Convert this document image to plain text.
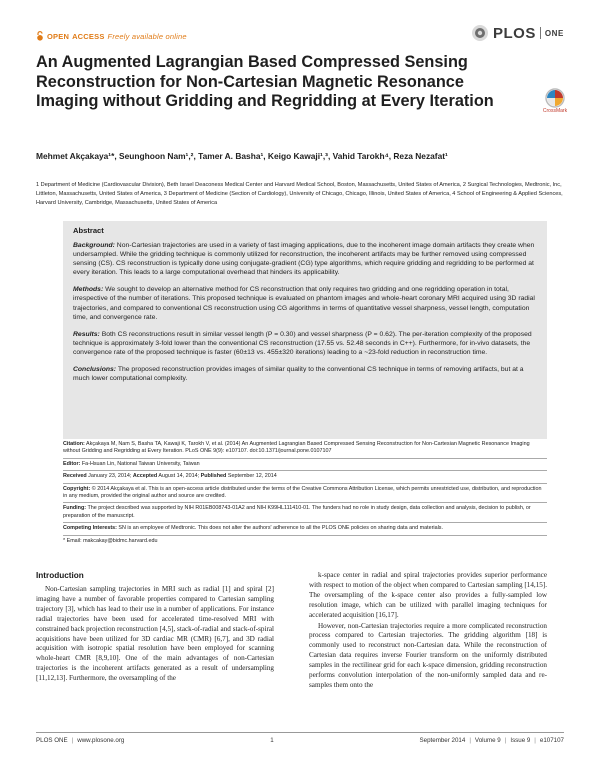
OPEN ACCESS Freely available online	PLOS ONE
An Augmented Lagrangian Based Compressed Sensing Reconstruction for Non-Cartesian Magnetic Resonance Imaging without Gridding and Regridding at Every Iteration
CrossMark
Mehmet Akçakaya¹*, Seunghoon Nam¹,², Tamer A. Basha¹, Keigo Kawaji¹,³, Vahid Tarokh⁴, Reza Nezafat¹
1 Department of Medicine (Cardiovascular Division), Beth Israel Deaconess Medical Center and Harvard Medical School, Boston, Massachusetts, United States of America, 2 Surgical Technologies, Medtronic, Inc, Littleton, Massachusetts, United States of America, 3 Department of Medicine (Section of Cardiology), University of Chicago, Chicago, Illinois, United States of America, 4 School of Engineering & Applied Sciences, Harvard University, Cambridge, Massachusetts, United States of America
Abstract

Background: Non-Cartesian trajectories are used in a variety of fast imaging applications, due to the incoherent image domain artifacts they create when undersampled. While the gridding technique is commonly utilized for reconstruction, the incoherent artifacts may be further removed using compressed sensing (CS). CS reconstruction is typically done using conjugate-gradient (CG) type algorithms, which require gridding and regridding to be performed at every iteration. This leads to a large computational overhead that hinders its applicability.

Methods: We sought to develop an alternative method for CS reconstruction that only requires two gridding and one regridding operation in total, irrespective of the number of iterations. This proposed technique is evaluated on phantom images and whole-heart coronary MRI acquired using 3D radial trajectories, and compared to conventional CS reconstruction using CG algorithms in terms of quantitative vessel sharpness, vessel length, computation time, and convergence rate.

Results: Both CS reconstructions result in similar vessel length (P = 0.30) and vessel sharpness (P = 0.62). The per-iteration complexity of the proposed technique is approximately 3-fold lower than the conventional CS reconstruction (17.55 vs. 52.48 seconds in C++). Furthermore, for in-vivo datasets, the convergence rate of the proposed technique is faster (60±13 vs. 455±320 iterations) leading to a ~23-fold reduction in reconstruction time.

Conclusions: The proposed reconstruction provides images of similar quality to the conventional CS technique in terms of removing artifacts, but at a much lower computational complexity.

Citation: Akçakaya M, Nam S, Basha TA, Kawaji K, Tarokh V, et al. (2014) An Augmented Lagrangian Based Compressed Sensing Reconstruction for Non-Cartesian Magnetic Resonance Imaging without Gridding and Regridding at Every Iteration. PLoS ONE 9(9): e107107. doi:10.1371/journal.pone.0107107
Editor: Fa-Hsuan Lin, National Taiwan University, Taiwan
Received January 23, 2014; Accepted August 14, 2014; Published September 12, 2014
Copyright: © 2014 Akçakaya et al. This is an open-access article distributed under the terms of the Creative Commons Attribution License, which permits unrestricted use, distribution, and reproduction in any medium, provided the original author and source are credited.
Funding: The project described was supported by NIH R01EB008743-01A2 and NIH K99HL111410-01. The funders had no role in study design, data collection and analysis, decision to publish, or preparation of the manuscript.
Competing Interests: SN is an employee of Medtronic. This does not alter the authors' adherence to all the PLOS ONE policies on sharing data and materials.
* Email: makcakay@bidmc.harvard.edu
Introduction

Non-Cartesian sampling trajectories in MRI such as radial [1] and spiral [2] imaging have a number of favorable properties compared to Cartesian sampling trajectory [3], which has lead to their use in a number of applications. For instance radial trajectories have been used for accelerated time-resolved MRI with constrained back projection reconstruction [4,5], stack-of-radial and stack-of-spiral acquisitions have been utilized for 3D cardiac MR (CMR) [6,7], and 3D radial acquisition with isotropic spatial resolution have been employed for scanning whole-heart CMR [8,9,10]. One of the main advantages of non-Cartesian trajectories is the incoherent artifacts generated as a result of undersampling [11,12,13]. Furthermore, the oversampling of the

k-space center in radial and spiral trajectories provides superior performance with respect to motion of the object when compared to Cartesian sampling [14,15]. The oversampling of the k-space center also provides a fully-sampled low resolution image, which can be utilized with parallel imaging techniques for accelerated acquisition [16,17].

However, non-Cartesian trajectories require a more complicated reconstruction process compared to Cartesian trajectories. The gridding algorithm [18] is commonly used to reconstruct non-Cartesian data. While the reconstruction of Cartesian data requires inverse Fourier transform on the uniformly distributed samples in the rectilinear grid for each k-space dimension, gridding reconstruction performs convolution interpolation of the non-uniformly sampled data and re-samples them onto the

PLOS ONE | www.plosone.org	1	September 2014 | Volume 9 | Issue 9 | e107107
